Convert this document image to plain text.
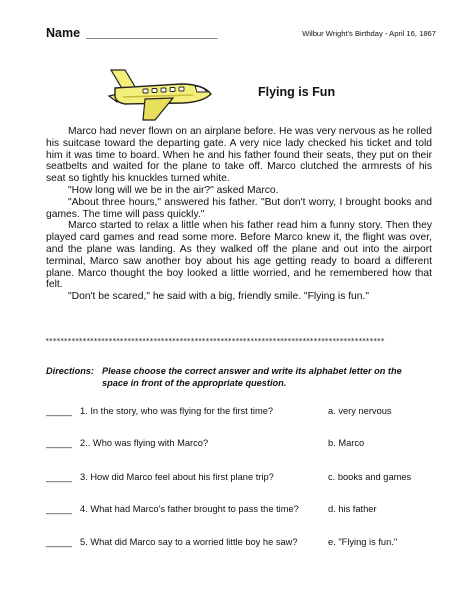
Name ____________________	Wilbur Wright's Birthday - April 16, 1867
Flying is Fun

Marco had never flown on an airplane before. He was very nervous as he rolled his suitcase toward the departing gate. A very nice lady checked his ticket and told him it was time to board. When he and his father found their seats, they put on their seatbelts and waited for the plane to take off. Marco clutched the armrests of his seat so tightly his knuckles turned white.

"How long will we be in the air?" asked Marco.

"About three hours," answered his father. "But don't worry, I brought books and games. The time will pass quickly."

Marco started to relax a little when his father read him a funny story. Then they played card games and read some more. Before Marco knew it, the flight was over, and the plane was landing. As they walked off the plane and out into the airport terminal, Marco saw another boy about his age getting ready to board a different plane. Marco thought the boy looked a little worried, and he remembered how that felt.

"Don't be scared," he said with a big, friendly smile. "Flying is fun."

*******************************************************************************************
Directions: Please choose the correct answer and write its alphabet letter on the
space in front of the appropriate question.
_____ 1. In the story, who was flying for the first time?	a. very nervous
_____ 2.. Who was flying with Marco?	b. Marco
_____ 3. How did Marco feel about his first plane trip?	c. books and games
_____ 4. What had Marco's father brought to pass the time?	d. his father
_____ 5. What did Marco say to a worried little boy he saw?	e. "Flying is fun."
